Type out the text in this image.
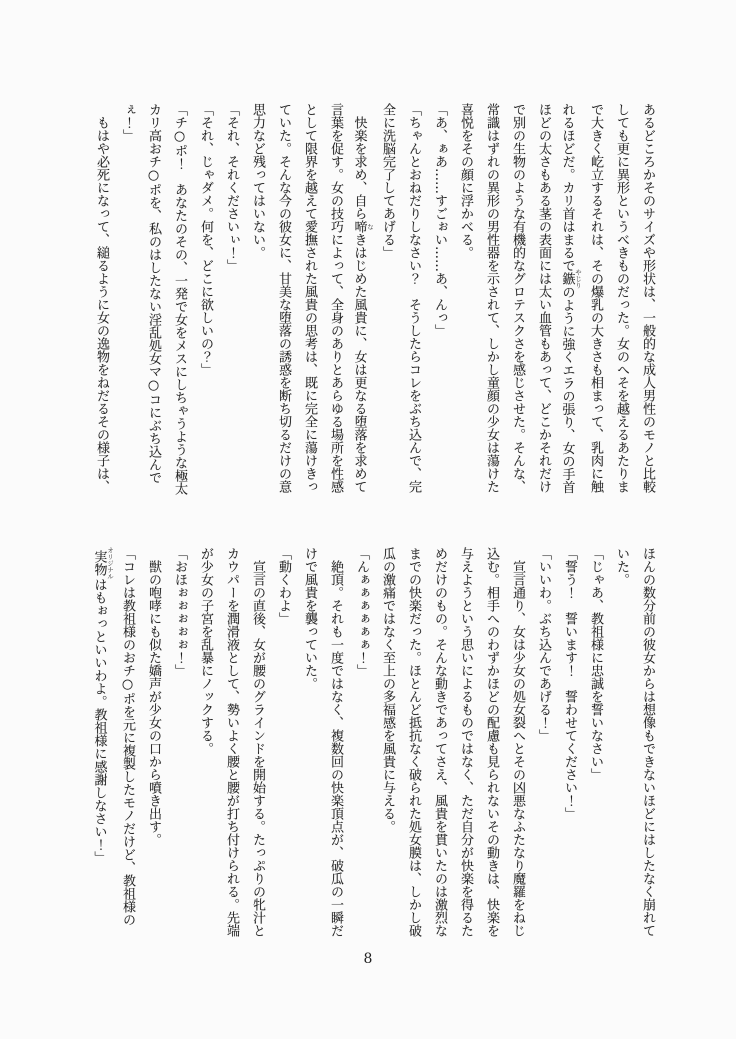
あるどころかそのサイズや形状は、一般的な成人男性のモノと比較

しても更に異形というべきものだった。女のへそを越えるあたりま

で大きく屹立するそれは、その爆乳の大きさも相まって、乳肉に触

れるほどだ。カリ首はまるで鏃 やじりのように強くエラの張り、女の手首

ほどの太さもある茎の表面には太い血管もあって、どこかそれだけ

で別の生物のような有機的なグロテスクさを感じさせた。そんな、

常識はずれの異形の男性器を示されて、しかし童顔の少女は蕩けた

喜悦をその顔に浮かべる。

「あ、ぁあ……すごぉい……あ、んっ」

「ちゃんとおねだりしなさい？　そうしたらコレをぶち込んで、完

全に洗脳完了してあげる」

快楽を求め、自ら啼 なきはじめた風貴に、女は更なる堕落を求めて

言葉を促す。女の技巧によって、全身のありとあらゆる場所を性感

として限界を越えて愛撫された風貴の思考は、既に完全に蕩けきっ

ていた。そんな今の彼女に、甘美な堕落の誘惑を断ち切るだけの意

思力など残ってはいない。

「それ、それくださいぃ！」

「それ、じゃダメ。何を、どこに欲しいの？」

「チ○ポ！　あなたのその、一発で女をメスにしちゃうような極太

カリ高おチ○ポを、私のはしたない淫乱処女マ○コにぶち込んで

ぇ！」

もはや必死になって、縋るように女の逸物をねだるその様子は、

ほんの数分前の彼女からは想像もできないほどにはしたなく崩れて

いた。

「じゃあ、教祖様に忠誠を誓いなさい」

「誓う！　誓います！　誓わせてください！」

「いいわ。ぶち込んであげる！」

宣言通り、女は少女の処女裂へとその凶悪なふたなり魔羅をねじ

込む。相手へのわずかほどの配慮も見られないその動きは、快楽を

与えようという思いによるものではなく、ただ自分が快楽を得るた

めだけのもの。そんな動きであってさえ、風貴を貫いたのは激烈な

までの快楽だった。ほとんど抵抗なく破られた処女膜は、しかし破

瓜の激痛ではなく至上の多福感を風貴に与える。

「んぁぁぁぁぁぁ！」

絶頂。それも一度ではなく、複数回の快楽頂点が、破瓜の一瞬だ

けで風貴を襲っていた。

「動くわよ」

宣言の直後、女が腰のグラインドを開始する。たっぷりの牝汁と

カウパーを潤滑液として、勢いよく腰と腰が打ち付けられる。先端

が少女の子宮を乱暴にノックする。

「おほぉぉぉぉぉ！」

獣の咆哮にも似た嬌声が少女の口から噴き出す。

「コレは教祖様のおチ○ポを元に複製したモノだけど、教祖様の

実物 オリジナルはもぉっといいわよ。教祖様に感謝しなさい！」

8
